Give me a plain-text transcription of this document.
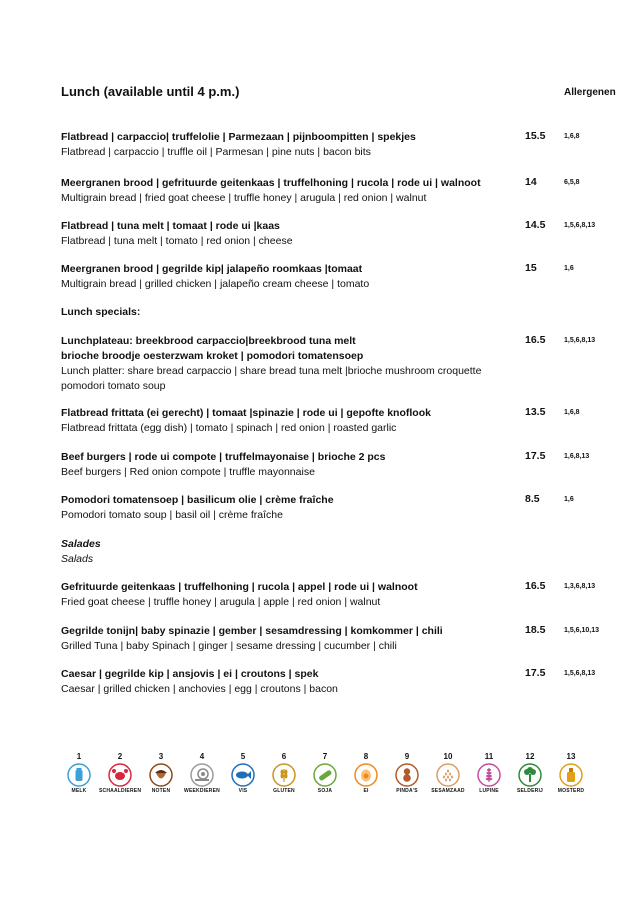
Lunch (available until 4 p.m.)	Allergenen
Flatbread | carpaccio| truffelolie | Parmezaan | pijnboompitten | spekjes
Flatbread | carpaccio | truffle oil | Parmesan | pine nuts | bacon bits
15.5	1,6,8
Meergranen brood | gefrituurde geitenkaas | truffelhoning | rucola | rode ui | walnoot
Multigrain bread | fried goat cheese | truffle honey | arugula | red onion | walnut
14	6,5,8
Flatbread | tuna melt | tomaat | rode ui |kaas
Flatbread | tuna melt | tomato | red onion | cheese
14.5	1,5,6,8,13
Meergranen brood | gegrilde kip| jalapeño roomkaas |tomaat
Multigrain bread | grilled chicken | jalapeño cream cheese | tomato
15	1,6
Lunch specials:
Lunchplateau: breekbrood carpaccio|breekbrood tuna melt
brioche broodje oesterzwam kroket | pomodori tomatensoep
Lunch platter: share bread carpaccio | share bread tuna melt |brioche mushroom croquette
pomodori tomato soup
16.5	1,5,6,8,13
Flatbread frittata (ei gerecht) | tomaat |spinazie | rode ui | gepofte knoflook
Flatbread frittata (egg dish) | tomato | spinach | red onion | roasted garlic
13.5	1,6,8
Beef burgers | rode ui compote | truffelmayonaise | brioche 2 pcs
Beef burgers | Red onion compote | truffle mayonnaise
17.5	1,6,8,13
Pomodori tomatensoep | basilicum olie | crème fraîche
Pomodori tomato soup | basil oil | crème fraîche
8.5	1,6
Salades
Salads
Gefrituurde geitenkaas | truffelhoning | rucola | appel | rode ui | walnoot
Fried goat cheese | truffle honey | arugula | apple | red onion | walnut
16.5	1,3,6,8,13
Gegrilde tonijn| baby spinazie | gember | sesamdressing | komkommer | chili
Grilled Tuna | baby Spinach | ginger | sesame dressing | cucumber | chili
18.5	1,5,6,10,13
Caesar | gegrilde kip | ansjovis | ei | croutons | spek
Caesar | grilled chicken | anchovies | egg | croutons | bacon
17.5	1,5,6,8,13
1
MELK
2
SCHAALDIEREN
3
NOTEN
4
WEEKDIEREN
5
VIS
6
GLUTEN
7
SOJA
8
EI
9
PINDA'S
10
SESAMZAAD
11
LUPINE
12
SELDERIJ
13
MOSTERD
